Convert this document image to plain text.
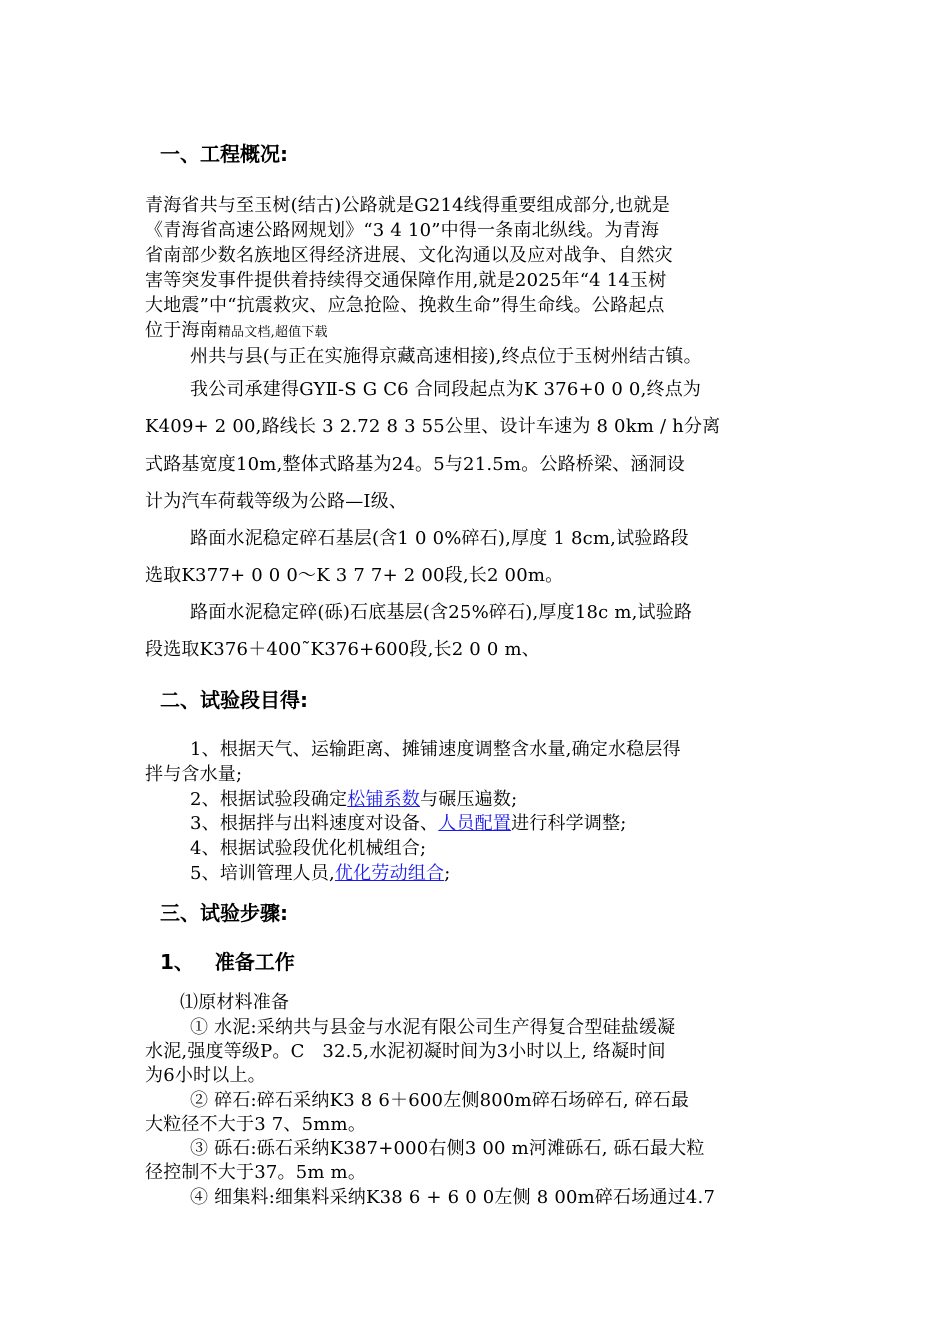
一、工程概况:
青海省共与至玉树(结古)公路就是G214线得重要组成部分,也就是
《青海省高速公路网规划》“3 4 10”中得一条南北纵线。为青海
省南部少数名族地区得经济进展、文化沟通以及应对战争、自然灾
害等突发事件提供着持续得交通保障作用,就是2025年“4 14玉树
大地震”中“抗震救灾、应急抢险、挽救生命”得生命线。公路起点
位于海南精品文档,超值下载
州共与县(与正在实施得京藏高速相接),终点位于玉树州结古镇。
我公司承建得GYⅡ-S G C6 合同段起点为K 376+0 0 0,终点为
K409+ 2 00,路线长 3 2.72 8 3 55公里、设计车速为 8 0km / h分离
式路基宽度10m,整体式路基为24。5与21.5m。公路桥梁、涵洞设
计为汽车荷载等级为公路—Ⅰ级、
路面水泥稳定碎石基层(含1 0 0%碎石),厚度 1 8cm,试验路段
选取K377+ 0 0 0～K 3 7 7+ 2 00段,长2 00m。
路面水泥稳定碎(砾)石底基层(含25%碎石),厚度18c m,试验路
段选取K376＋400˜K376+600段,长2 0 0 m、
二、试验段目得:
1、根据天气、运输距离、摊铺速度调整含水量,确定水稳层得
拌与含水量;
2、根据试验段确定松铺系数与碾压遍数;
3、根据拌与出料速度对设备、人员配置进行科学调整;
4、根据试验段优化机械组合;
5、培训管理人员,优化劳动组合;
三、试验步骤:
1、   准备工作
⑴原材料准备
① 水泥:采纳共与县金与水泥有限公司生产得复合型硅盐缓凝
水泥,强度等级P。C   32.5,水泥初凝时间为3小时以上, 络凝时间
为6小时以上。
② 碎石:碎石采纳K3 8 6＋600左侧800m碎石场碎石, 碎石最
大粒径不大于3 7、5mm。
③ 砾石:砾石采纳K387+000右侧3 00 m河滩砾石, 砾石最大粒
径控制不大于37。5m m。
④ 细集料:细集料采纳K38 6 + 6 0 0左侧 8 00m碎石场通过4.7
